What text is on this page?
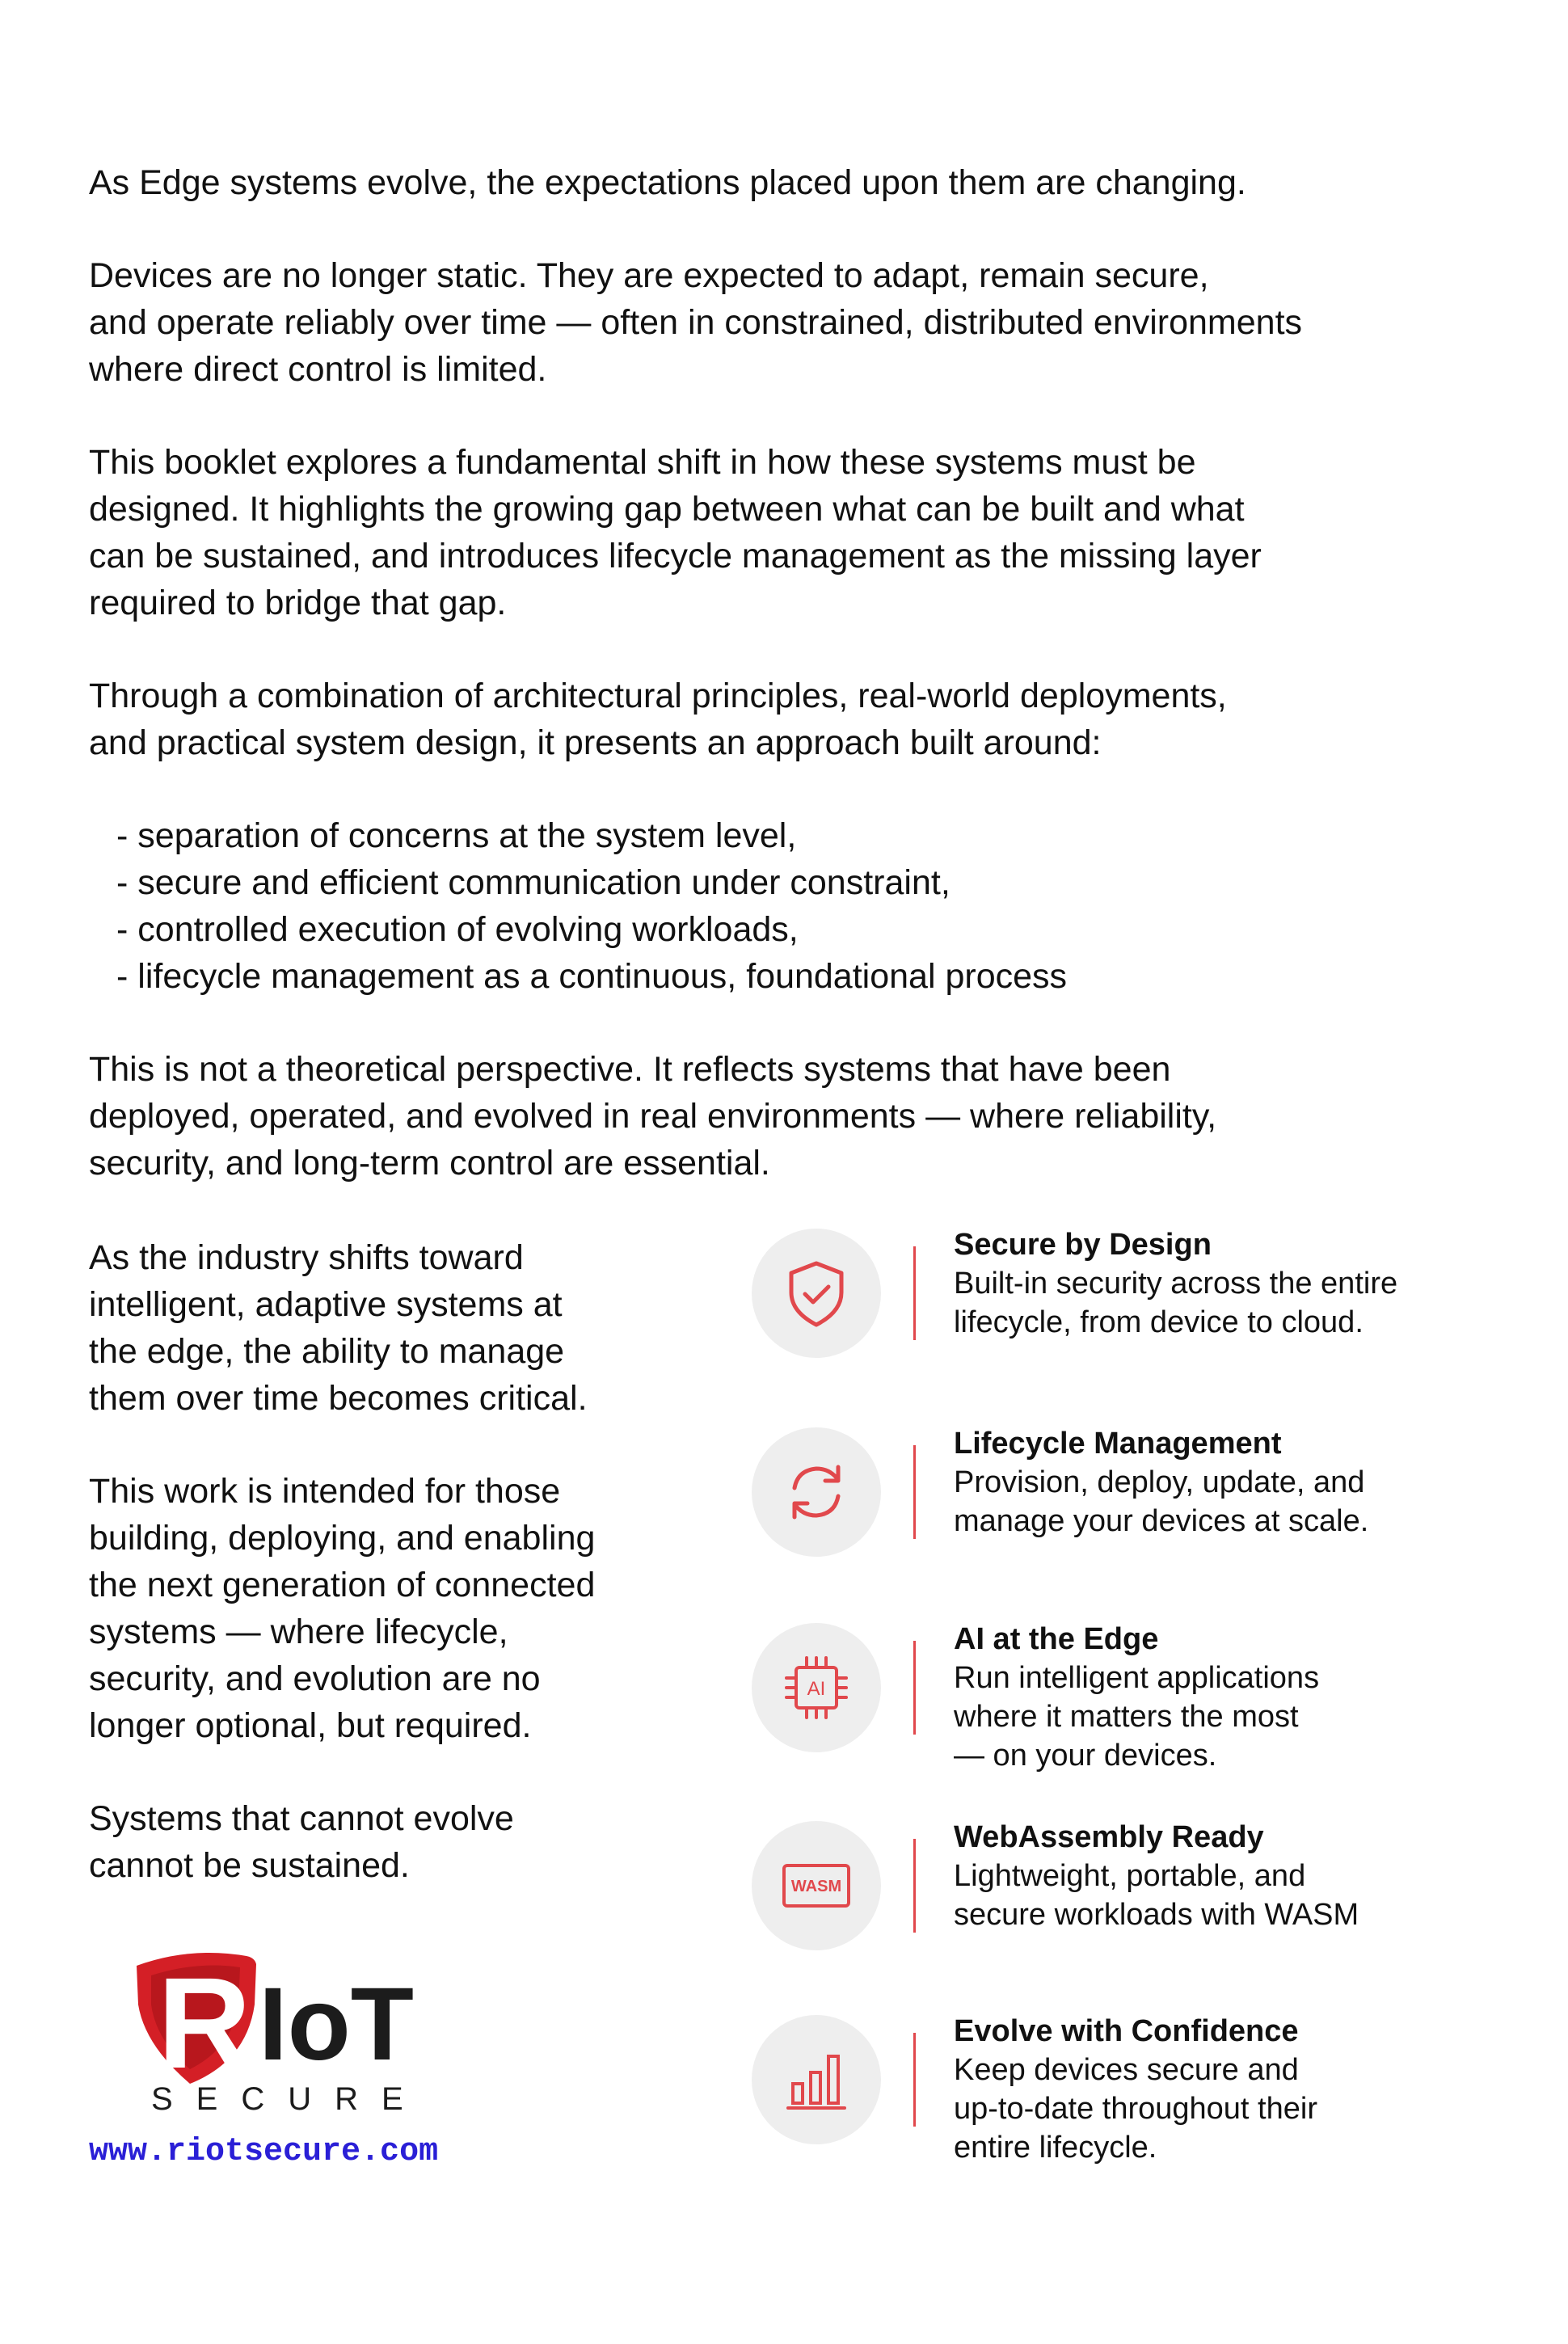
As Edge systems evolve, the expectations placed upon them are changing.

Devices are no longer static. They are expected to adapt, remain secure,
and operate reliably over time — often in constrained, distributed environments
where direct control is limited.

This booklet explores a fundamental shift in how these systems must be
designed. It highlights the growing gap between what can be built and what
can be sustained, and introduces lifecycle management as the missing layer
required to bridge that gap.

Through a combination of architectural principles, real-world deployments,
and practical system design, it presents an approach built around:

- separation of concerns at the system level,
- secure and efficient communication under constraint,
- controlled execution of evolving workloads,
- lifecycle management as a continuous, foundational process

This is not a theoretical perspective. It reflects systems that have been
deployed, operated, and evolved in real environments — where reliability,
security, and long-term control are essential.

As the industry shifts toward
intelligent, adaptive systems at
the edge, the ability to manage
them over time becomes critical.

This work is intended for those
building, deploying, and enabling
the next generation of connected
systems — where lifecycle,
security, and evolution are no
longer optional, but required.

Systems that cannot evolve
cannot be sustained.

R IoT
SECURE
www.riotsecure.com
Secure by Design
Built-in security across the entire
lifecycle, from device to cloud.
Lifecycle Management
Provision, deploy, update, and
manage your devices at scale.
AI
AI at the Edge
Run intelligent applications
where it matters the most
— on your devices.
WASM
WebAssembly Ready
Lightweight, portable, and
secure workloads with WASM
Evolve with Confidence
Keep devices secure and
up-to-date throughout their
entire lifecycle.
